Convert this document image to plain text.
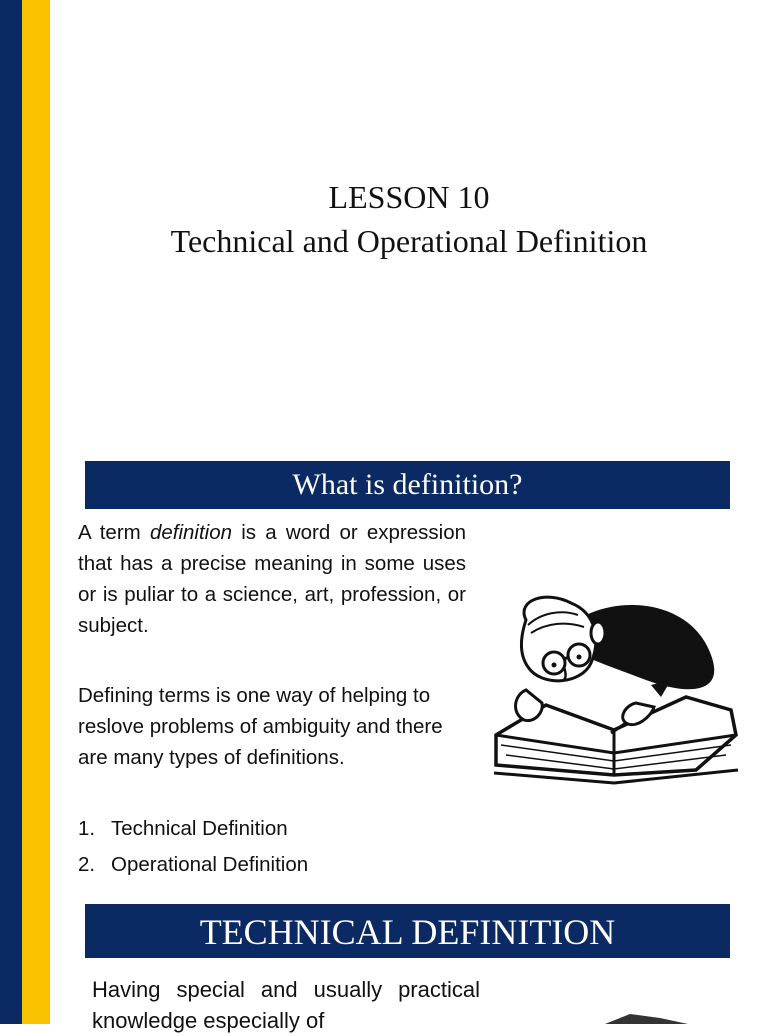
LESSON 10
Technical and Operational Definition
What is definition?
A term definition is a word or expression that has a precise meaning in some uses or is puliar to a science, art, profession, or subject.
Defining terms is one way of helping to reslove problems of ambiguity and there are many types of definitions.
1. Technical Definition
2. Operational Definition
TECHNICAL DEFINITION
Having special and usually practical knowledge especially of
